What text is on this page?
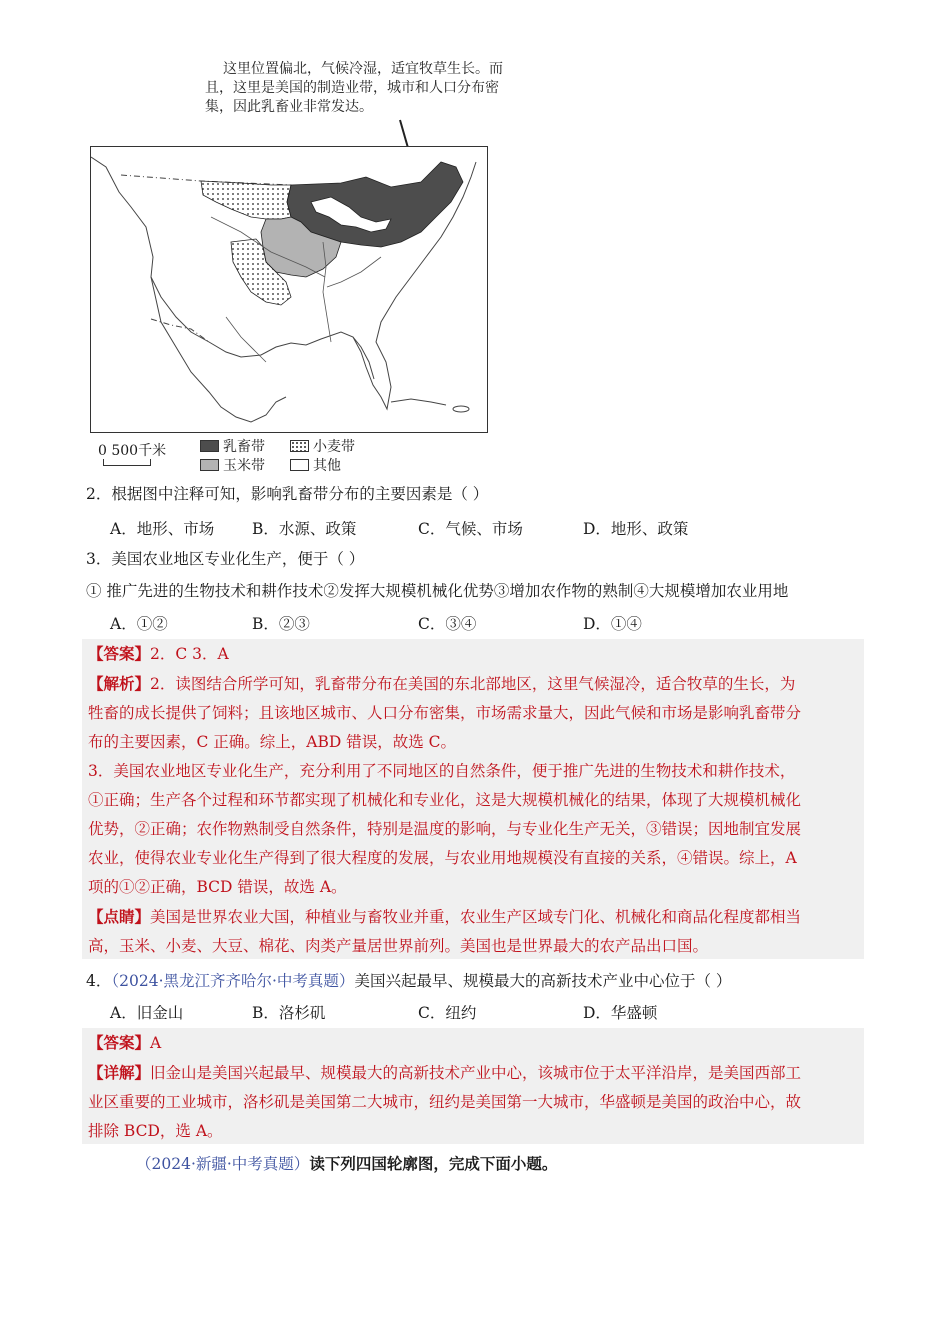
这里位置偏北，气候冷湿，适宜牧草生长。而且，这里是美国的制造业带，城市和人口分布密集，因此乳畜业非常发达。
0 500千米	乳畜带	小麦带
玉米带	其他
2．根据图中注释可知，影响乳畜带分布的主要因素是（ ）
A．地形、市场 B．水源、政策	C．气候、市场	D．地形、政策
3．美国农业地区专业化生产，便于（ ）
① 推广先进的生物技术和耕作技术②发挥大规模机械化优势③增加农作物的熟制④大规模增加农业用地
A．①②	B．②③	C．③④	D．①④

【答案】2．C 3．A

【解析】2．读图结合所学可知，乳畜带分布在美国的东北部地区，这里气候湿冷，适合牧草的生长，为

牲畜的成长提供了饲料；且该地区城市、人口分布密集，市场需求量大，因此气候和市场是影响乳畜带分

布的主要因素，C 正确。综上，ABD 错误，故选 C。

3．美国农业地区专业化生产，充分利用了不同地区的自然条件，便于推广先进的生物技术和耕作技术，

①正确；生产各个过程和环节都实现了机械化和专业化，这是大规模机械化的结果，体现了大规模机械化

优势，②正确；农作物熟制受自然条件，特别是温度的影响，与专业化生产无关，③错误；因地制宜发展

农业，使得农业专业化生产得到了很大程度的发展，与农业用地规模没有直接的关系，④错误。综上，A

项的①②正确，BCD 错误，故选 A。

【点睛】美国是世界农业大国，种植业与畜牧业并重，农业生产区域专门化、机械化和商品化程度都相当

高，玉米、小麦、大豆、棉花、肉类产量居世界前列。美国也是世界最大的农产品出口国。

4．（2024·黑龙江齐齐哈尔·中考真题）美国兴起最早、规模最大的高新技术产业中心位于（ ）
A．旧金山	B．洛杉矶	C．纽约	D．华盛顿

【答案】A

【详解】旧金山是美国兴起最早、规模最大的高新技术产业中心，该城市位于太平洋沿岸，是美国西部工

业区重要的工业城市，洛杉矶是美国第二大城市，纽约是美国第一大城市，华盛顿是美国的政治中心，故

排除 BCD，选 A。

（2024·新疆·中考真题）读下列四国轮廓图，完成下面小题。
